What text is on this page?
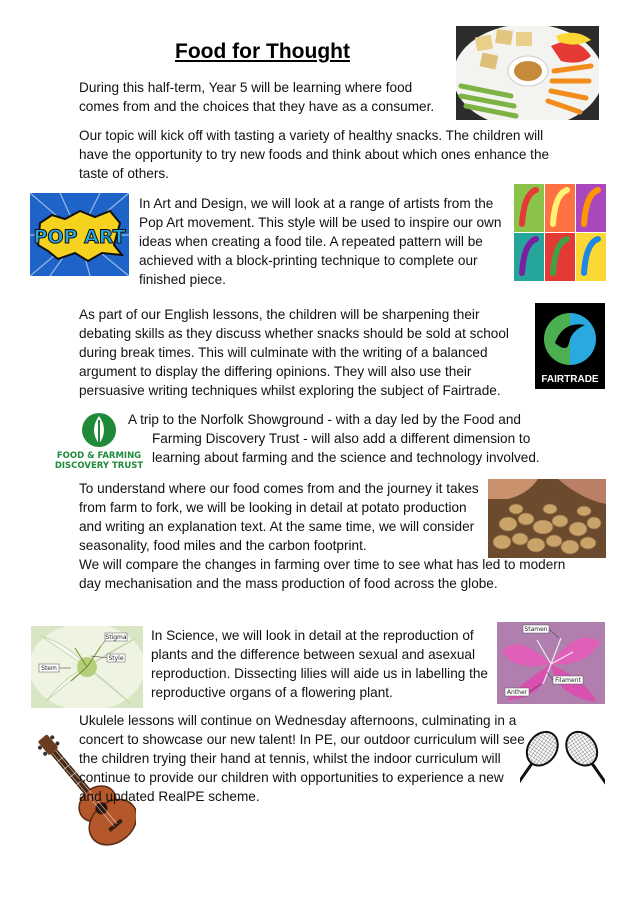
Food for Thought
During this half-term, Year 5 will be learning where food comes from and the choices that they have as a consumer.
Our topic will kick off with tasting a variety of healthy snacks. The children will have the opportunity to try new foods and think about which ones enhance the taste of others.
POP ART
In Art and Design, we will look at a range of artists from the Pop Art movement. This style will be used to inspire our own ideas when creating a food tile. A repeated pattern will be achieved with a block-printing technique to complete our finished piece.
As part of our English lessons, the children will be sharpening their debating skills as they discuss whether snacks should be sold at school during break times. This will culminate with the writing of a balanced argument to display the differing opinions. They will also use their persuasive writing techniques whilst exploring the subject of Fairtrade.
FAIRTRADE
FOOD & FARMING
DISCOVERY TRUST
A trip to the Norfolk Showground - with a day led by the Food and Farming Discovery Trust - will also add a different dimension to learning about farming and the science and technology involved.
To understand where our food comes from and the journey it takes from farm to fork, we will be looking in detail at potato production and writing an explanation text. At the same time, we will consider seasonality, food miles and the carbon footprint.
We will compare the changes in farming over time to see what has led to modern day mechanisation and the mass production of food across the globe.
Stigma
Style
Stem
In Science, we will look in detail at the reproduction of plants and the difference between sexual and asexual reproduction. Dissecting lilies will aide us in labelling the reproductive organs of a flowering plant.
Stamen
Filament
Anther
Ukulele lessons will continue on Wednesday afternoons, culminating in a concert to showcase our new talent! In PE, our outdoor curriculum will see the children trying their hand at tennis, whilst the indoor curriculum will continue to provide our children with opportunities to experience a new and updated RealPE scheme.
